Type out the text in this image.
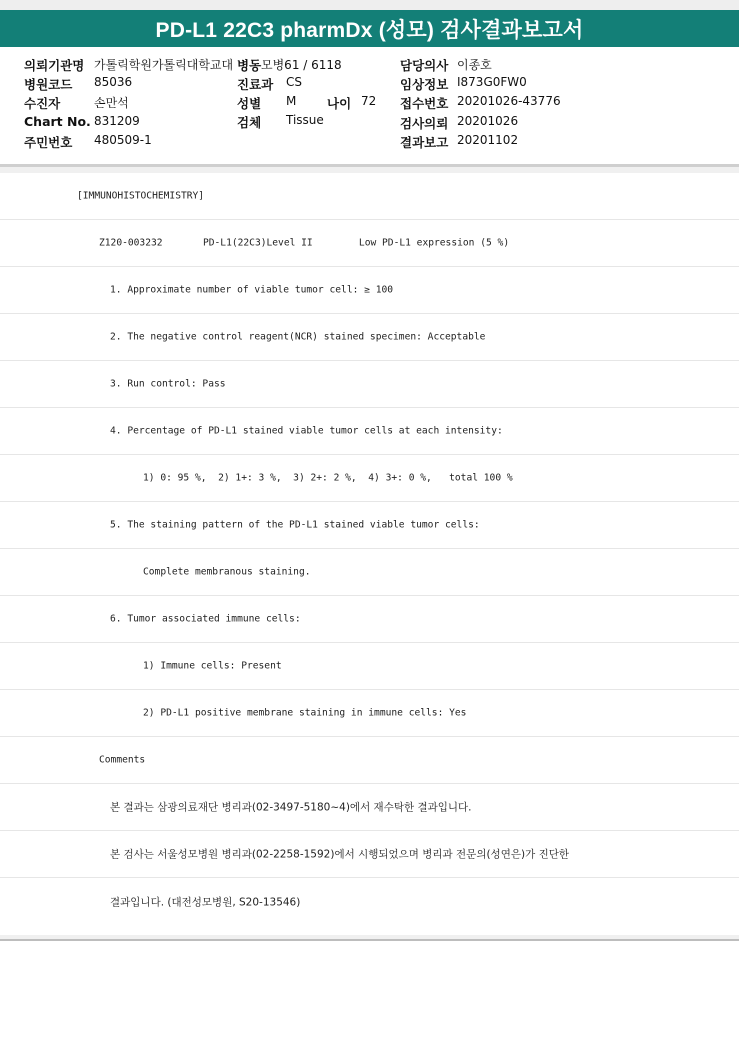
PD-L1 22C3 pharmDx (성모) 검사결과보고서
의뢰기관명 가톨릭학원가톨릭대학교대 병동 모병61 / 6118	담당의사 이종호
병원코드 85036	진료과 CS	임상정보 I873G0FW0
수진자	손만석	성별 M 나이 72 접수번호 20201026-43776
Chart No. 831209	검체 Tissue	검사의뢰 20201026
주민번호 480509-1	결과보고 20201102
[IMMUNOHISTOCHEMISTRY]
Z120-003232       PD-L1(22C3)Level II        Low PD-L1 expression (5 %)
1. Approximate number of viable tumor cell: ≥ 100
2. The negative control reagent(NCR) stained specimen: Acceptable
3. Run control: Pass
4. Percentage of PD-L1 stained viable tumor cells at each intensity:
1) 0: 95 %,  2) 1+: 3 %,  3) 2+: 2 %,  4) 3+: 0 %,   total 100 %
5. The staining pattern of the PD-L1 stained viable tumor cells:
Complete membranous staining.
6. Tumor associated immune cells:
1) Immune cells: Present
2) PD-L1 positive membrane staining in immune cells: Yes
Comments
본 결과는 삼광의료재단 병리과(02-3497-5180~4)에서 재수탁한 결과입니다.
본 검사는 서울성모병원 병리과(02-2258-1592)에서 시행되었으며 병리과 전문의(성연은)가 진단한
결과입니다. (대전성모병원, S20-13546)
